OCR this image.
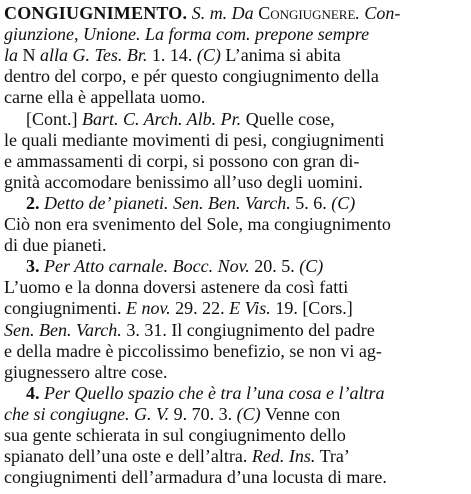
CONGIUGNIMENTO. S. m. Da Congiugnere. Con-
giunzione, Unione. La forma com. prepone sempre
la N alla G. Tes. Br. 1. 14. (C) L’anima si abita
dentro del corpo, e pér questo congiugnimento della
carne ella è appellata uomo.
[Cont.] Bart. C. Arch. Alb. Pr. Quelle cose,
le quali mediante movimenti di pesi, congiugnimenti
e ammassamenti di corpi, si possono con gran di-
gnità accomodare benissimo all’uso degli uomini.
2. Detto de’ pianeti. Sen. Ben. Varch. 5. 6. (C)
Ciò non era svenimento del Sole, ma congiugnimento
di due pianeti.
3. Per Atto carnale. Bocc. Nov. 20. 5. (C)
L’uomo e la donna doversi astenere da così fatti
congiugnimenti. E nov. 29. 22. E Vis. 19. [Cors.]
Sen. Ben. Varch. 3. 31. Il congiugnimento del padre
e della madre è piccolissimo benefizio, se non vi ag-
giugnessero altre cose.
4. Per Quello spazio che è tra l’una cosa e l’altra
che si congiugne. G. V. 9. 70. 3. (C) Venne con
sua gente schierata in sul congiugnimento dello
spianato dell’una oste e dell’altra. Red. Ins. Tra’
congiugnimenti dell’armadura d’una locusta di mare.
